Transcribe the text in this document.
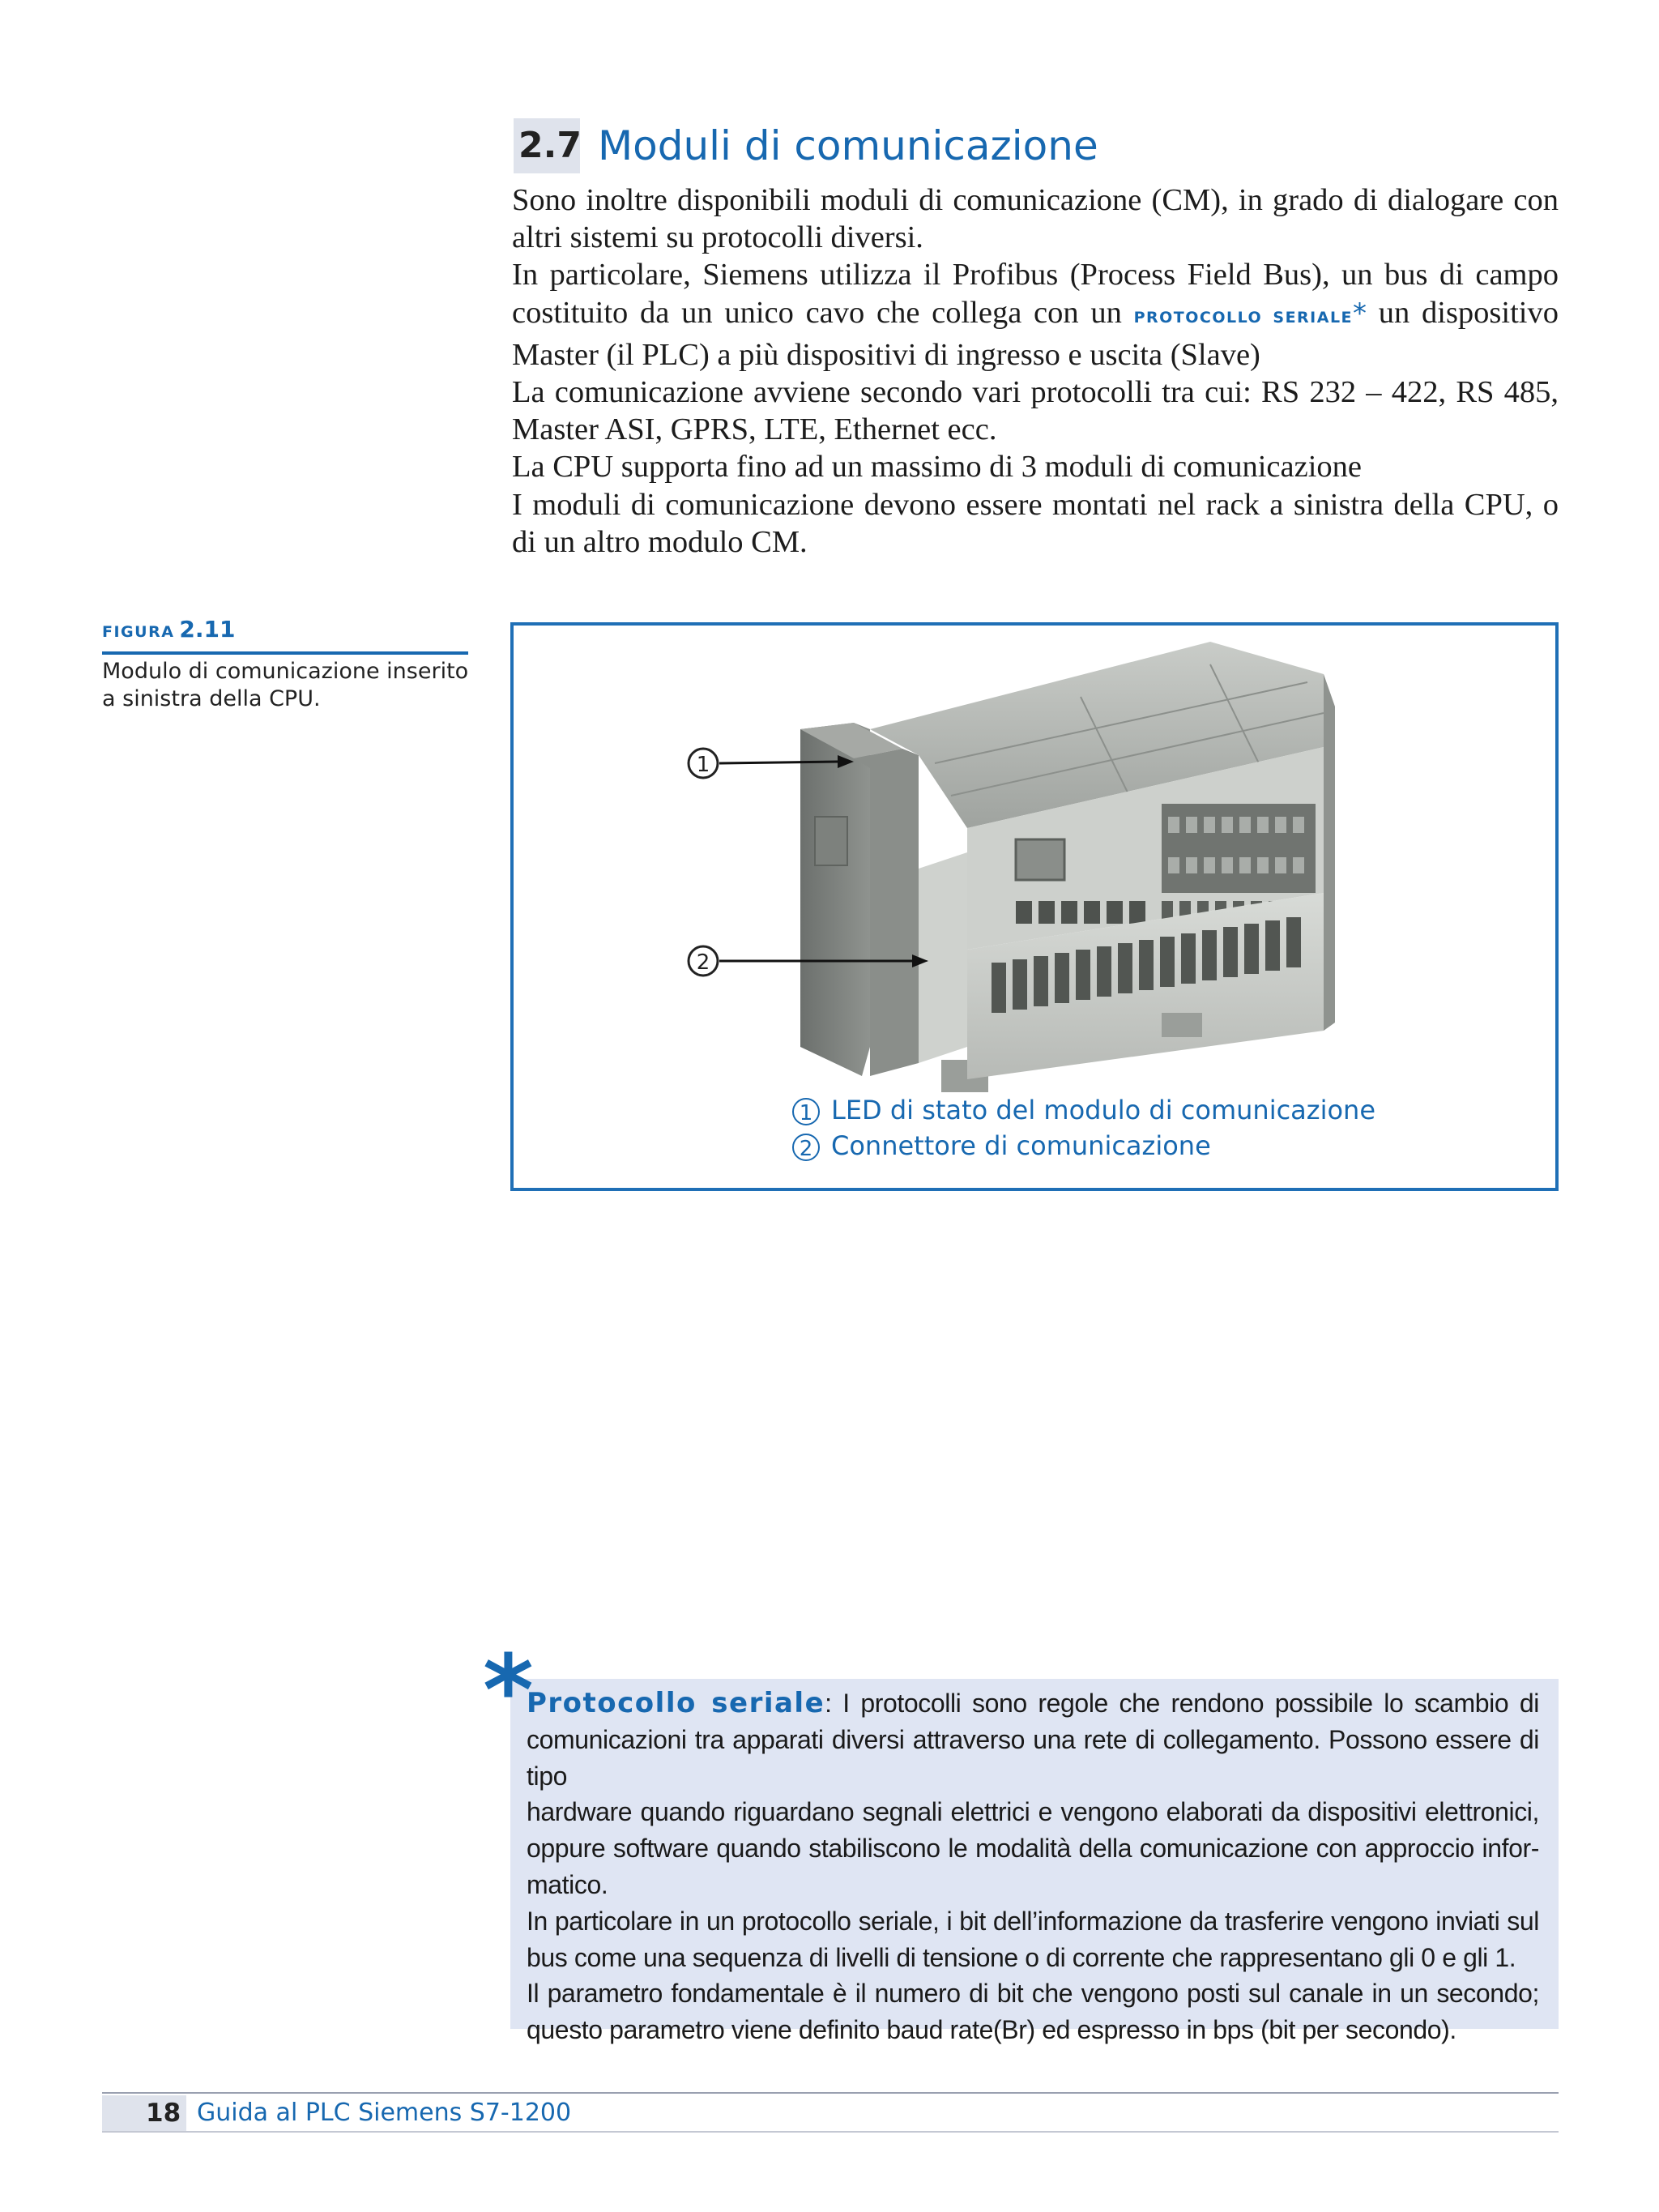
2.7 Moduli di comunicazione
Sono inoltre disponibili moduli di comunicazione (CM), in grado di dialogare con
altri sistemi su protocolli diversi.
In particolare, Siemens utilizza il Profibus (Process Field Bus), un bus di campo
costituito da un unico cavo che collega con un PROTOCOLLO SERIALE* un dispositivo
Master (il PLC) a più dispositivi di ingresso e uscita (Slave)
La comunicazione avviene secondo vari protocolli tra cui: RS 232 – 422, RS 485,
Master ASI, GPRS, LTE, Ethernet ecc.
La CPU supporta fino ad un massimo di 3 moduli di comunicazione
I moduli di comunicazione devono essere montati nel rack a sinistra della CPU, o
di un altro modulo CM.
FIGURA 2.11
Modulo di comunicazione inserito
a sinistra della CPU.
1
2
1 LED di stato del modulo di comunicazione
2 Connettore di comunicazione
*
Protocollo seriale: I protocolli sono regole che rendono possibile lo scambio di
comunicazioni tra apparati diversi attraverso una rete di collegamento. Possono essere di tipo
hardware quando riguardano segnali elettrici e vengono elaborati da dispositivi elettronici,
oppure software quando stabiliscono le modalità della comunicazione con approccio infor-
matico.
In particolare in un protocollo seriale, i bit dell’informazione da trasferire vengono inviati sul
bus come una sequenza di livelli di tensione o di corrente che rappresentano gli 0 e gli 1.
Il parametro fondamentale è il numero di bit che vengono posti sul canale in un secondo;
questo parametro viene definito baud rate(Br) ed espresso in bps (bit per secondo).
18 Guida al PLC Siemens S7-1200
